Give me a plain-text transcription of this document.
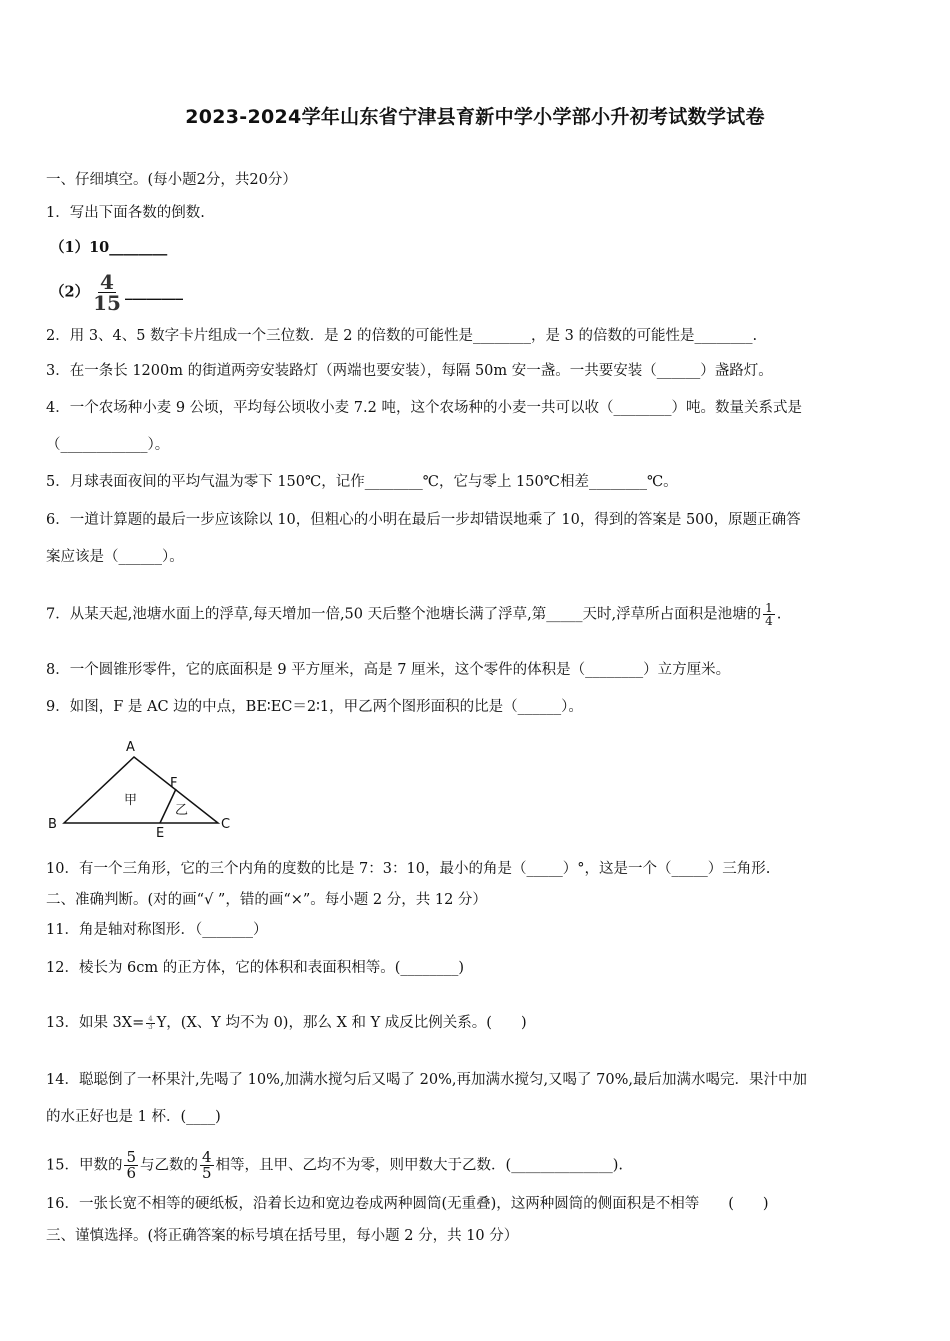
2023-2024学年山东省宁津县育新中学小学部小升初考试数学试卷
一、仔细填空。(每小题2分，共20分）
1．写出下面各数的倒数.
（1）10________
$(2) \frac{4}{15}$ ________
2．用 3、4、5 数字卡片组成一个三位数．是 2 的倍数的可能性是________，是 3 的倍数的可能性是________.
3．在一条长 1200m 的街道两旁安装路灯（两端也要安装），每隔 50m 安一盏。一共要安装（______）盏路灯。
4．一个农场种小麦 9 公顷，平均每公顷收小麦 7.2 吨，这个农场种的小麦一共可以收（________）吨。数量关系式是
（____________）。
5．月球表面夜间的平均气温为零下 150℃，记作________℃，它与零上 150℃相差________℃。
6．一道计算题的最后一步应该除以 10，但粗心的小明在最后一步却错误地乘了 10，得到的答案是 500，原题正确答
案应该是（______）。
7．从某天起,池塘水面上的浮草,每天增加一倍,50 天后整个池塘长满了浮草,第_____天时,浮草所占面积是池塘的 $\frac{1}{4}$ .
8．一个圆锥形零件，它的底面积是 9 平方厘米，高是 7 厘米，这个零件的体积是（________）立方厘米。
9．如图，F 是 AC 边的中点，BE∶EC＝2∶1，甲乙两个图形面积的比是（______）。
A
B	C
E
F
甲
乙
10．有一个三角形，它的三个内角的度数的比是 7：3：10，最小的角是（_____）°，这是一个（_____）三角形.
二、准确判断。(对的画“√ ”，错的画“×”。每小题 2 分，共 12 分）
11．角是轴对称图形．（_______）
12．棱长为 6cm 的正方体，它的体积和表面积相等。(________)
13．如果 $3X= \frac{4}{3}$ Y，(X、Y 均不为 0)，那么 X 和 Y 成反比例关系。(　　)
14．聪聪倒了一杯果汁,先喝了 10%,加满水搅匀后又喝了 20%,再加满水搅匀,又喝了 70%,最后加满水喝完．果汁中加
的水正好也是 1 杯．(____)
15．甲数的 $\frac{5}{6}$ 与乙数的 $\frac{4}{5}$ 相等，且甲、乙均不为零，则甲数大于乙数．(______________).
16．一张长宽不相等的硬纸板，沿着长边和宽边卷成两种圆筒(无重叠)，这两种圆筒的侧面积是不相等　　(　　)
三、谨慎选择。(将正确答案的标号填在括号里，每小题 2 分，共 10 分）
